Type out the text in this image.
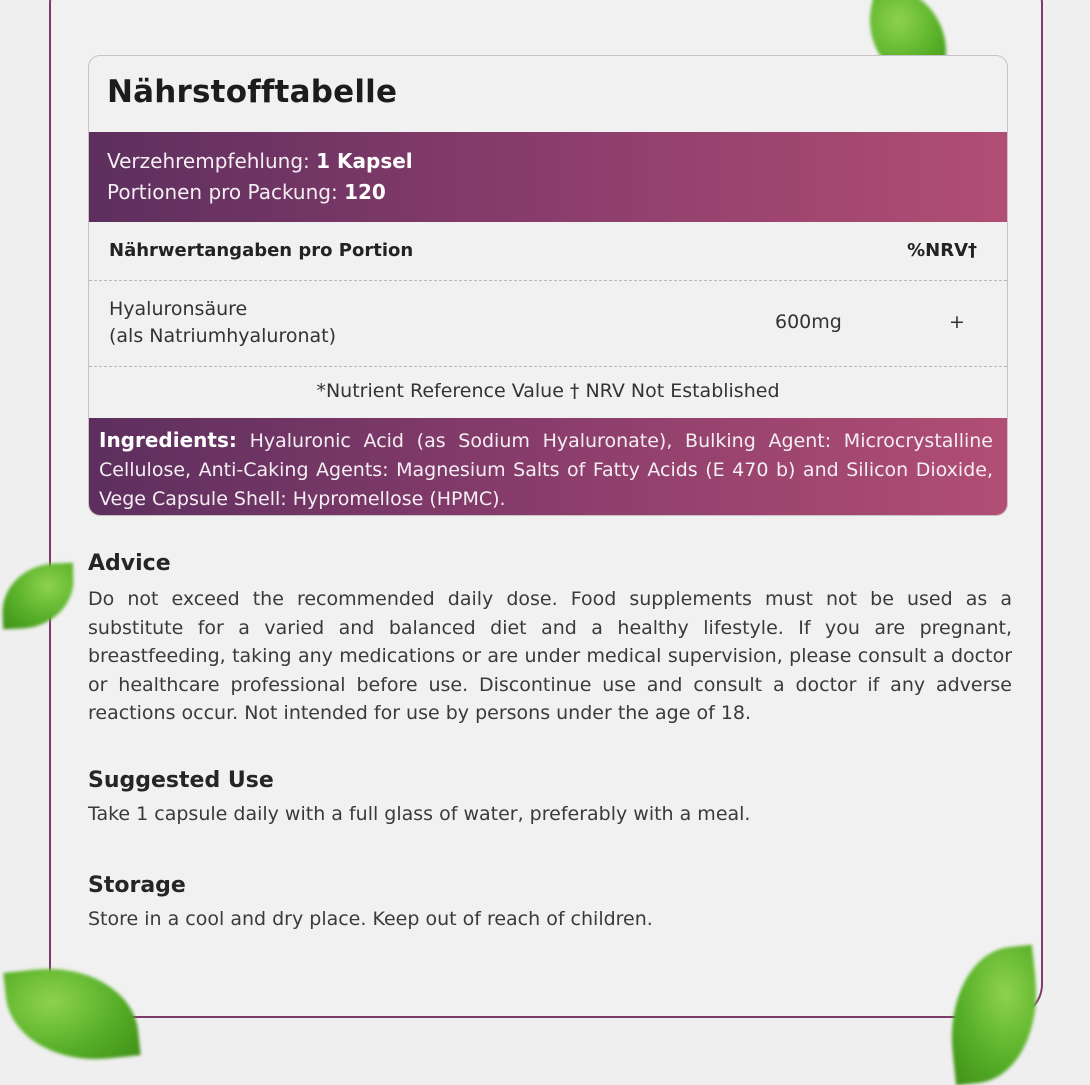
Nährstofftabelle
Verzehrempfehlung: 1 Kapsel
Portionen pro Packung: 120
Nährwertangaben pro Portion	%NRV†
Hyaluronsäure
(als Natriumhyaluronat)
600mg	+
*Nutrient Reference Value † NRV Not Established
Ingredients: Hyaluronic Acid (as Sodium Hyaluronate), Bulking Agent: Microcrystalline Cellulose, Anti-Caking Agents: Magnesium Salts of Fatty Acids (E 470 b) and Silicon Dioxide, Vege Capsule Shell: Hypromellose (HPMC).
Advice

Do not exceed the recommended daily dose. Food supplements must not be used as a substitute for a varied and balanced diet and a healthy lifestyle. If you are pregnant, breastfeeding, taking any medications or are under medical supervision, please consult a doctor or healthcare professional before use. Discontinue use and consult a doctor if any adverse reactions occur. Not intended for use by persons under the age of 18.

Suggested Use

Take 1 capsule daily with a full glass of water, preferably with a meal.

Storage

Store in a cool and dry place. Keep out of reach of children.
